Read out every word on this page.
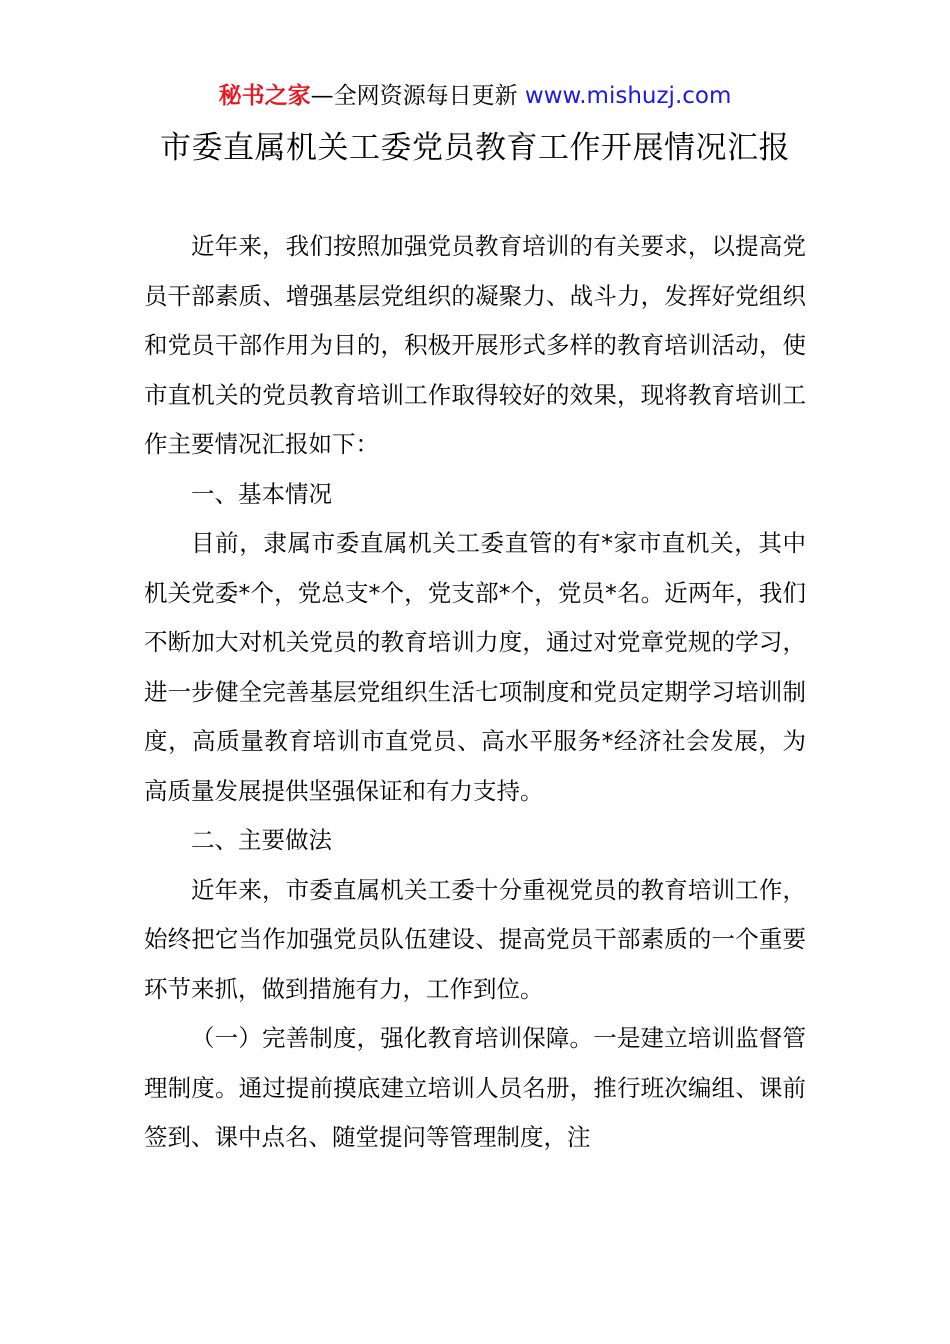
秘书之家—全网资源每日更新 www.mishuzj.com
市委直属机关工委党员教育工作开展情况汇报

近年来，我们按照加强党员教育培训的有关要求，以提高党员干部素质、增强基层党组织的凝聚力、战斗力，发挥好党组织和党员干部作用为目的，积极开展形式多样的教育培训活动，使市直机关的党员教育培训工作取得较好的效果，现将教育培训工作主要情况汇报如下：

一、基本情况

目前，隶属市委直属机关工委直管的有*家市直机关，其中机关党委*个，党总支*个，党支部*个，党员*名。近两年，我们不断加大对机关党员的教育培训力度，通过对党章党规的学习，进一步健全完善基层党组织生活七项制度和党员定期学习培训制度，高质量教育培训市直党员、高水平服务*经济社会发展，为高质量发展提供坚强保证和有力支持。

二、主要做法

近年来，市委直属机关工委十分重视党员的教育培训工作，始终把它当作加强党员队伍建设、提高党员干部素质的一个重要环节来抓，做到措施有力，工作到位。

（一）完善制度，强化教育培训保障。一是建立培训监督管理制度。通过提前摸底建立培训人员名册，推行班次编组、课前签到、课中点名、随堂提问等管理制度，注
